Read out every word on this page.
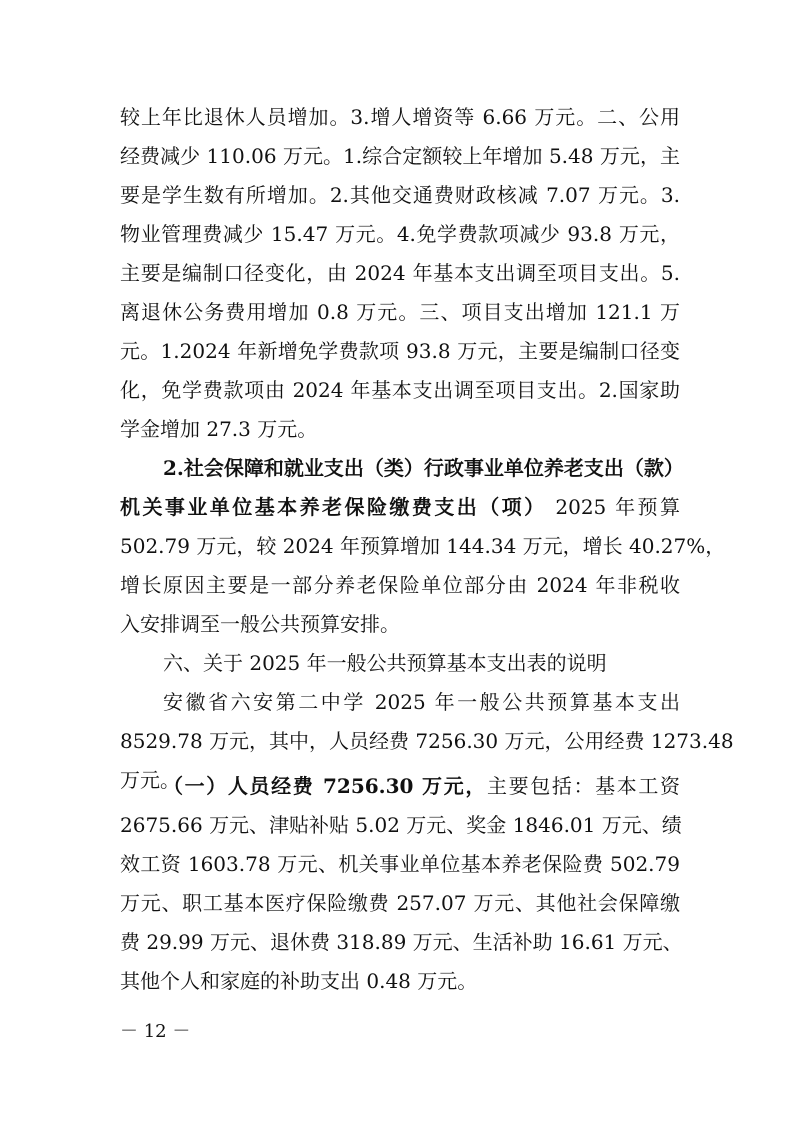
较上年比退休人员增加。3.增人增资等 6.66 万元。二、公用
经费减少 110.06 万元。1.综合定额较上年增加 5.48 万元，主
要是学生数有所增加。2.其他交通费财政核减 7.07 万元。3.
物业管理费减少 15.47 万元。4.免学费款项减少 93.8 万元，
主要是编制口径变化，由 2024 年基本支出调至项目支出。5.
离退休公务费用增加 0.8 万元。三、项目支出增加 121.1 万
元。1.2024 年新增免学费款项 93.8 万元，主要是编制口径变
化，免学费款项由 2024 年基本支出调至项目支出。2.国家助
学金增加 27.3 万元。
2.社会保障和就业支出（类）行政事业单位养老支出（款）
机关事业单位基本养老保险缴费支出（项） 2025 年预算
502.79 万元，较 2024 年预算增加 144.34 万元，增长 40.27%，
增长原因主要是一部分养老保险单位部分由 2024 年非税收
入安排调至一般公共预算安排。
六、关于 2025 年一般公共预算基本支出表的说明
安徽省六安第二中学 2025 年一般公共预算基本支出
8529.78 万元，其中，人员经费 7256.30 万元，公用经费 1273.48
万元。
（一）人员经费 7256.30 万元，主要包括：基本工资
2675.66 万元、津贴补贴 5.02 万元、奖金 1846.01 万元、绩
效工资 1603.78 万元、机关事业单位基本养老保险费 502.79
万元、职工基本医疗保险缴费 257.07 万元、其他社会保障缴
费 29.99 万元、退休费 318.89 万元、生活补助 16.61 万元、
其他个人和家庭的补助支出 0.48 万元。
－ 12 －
